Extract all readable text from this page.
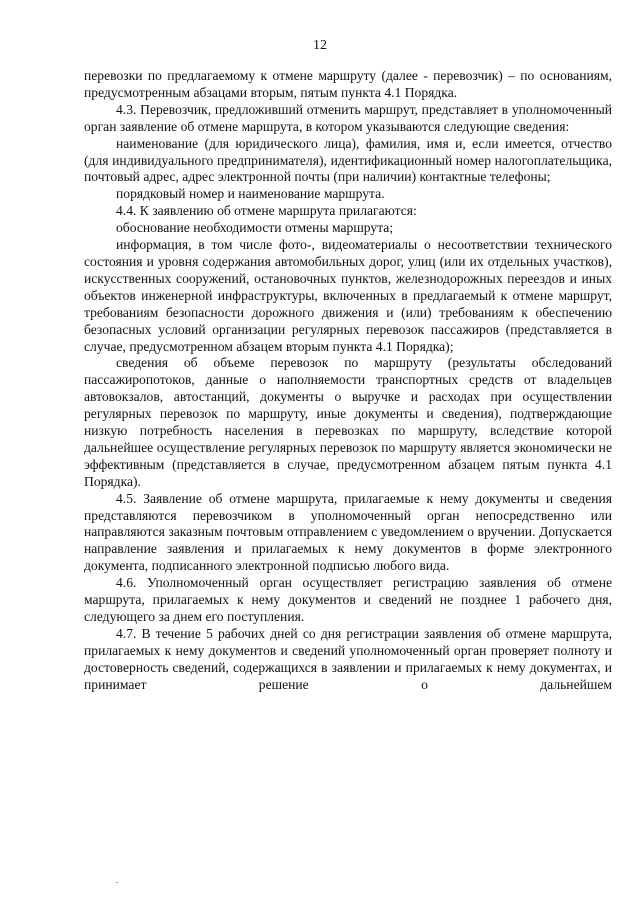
12

перевозки по предлагаемому к отмене маршруту (далее - перевозчик) – по основаниям, предусмотренным абзацами вторым, пятым пункта 4.1 Порядка.

4.3. Перевозчик, предложивший отменить маршрут, представляет в уполномоченный орган заявление об отмене маршрута, в котором указываются следующие сведения:

наименование (для юридического лица), фамилия, имя и, если имеется, отчество (для индивидуального предпринимателя), идентификационный номер налогоплательщика, почтовый адрес, адрес электронной почты (при наличии) контактные телефоны;

порядковый номер и наименование маршрута.

4.4. К заявлению об отмене маршрута прилагаются:

обоснование необходимости отмены маршрута;

информация, в том числе фото-, видеоматериалы о несоответствии технического состояния и уровня содержания автомобильных дорог, улиц (или их отдельных участков), искусственных сооружений, остановочных пунктов, железнодорожных переездов и иных объектов инженерной инфраструктуры, включенных в предлагаемый к отмене маршрут, требованиям безопасности дорожного движения и (или) требованиям к обеспечению безопасных условий организации регулярных перевозок пассажиров (представляется в случае, предусмотренном абзацем вторым пункта 4.1 Порядка);

сведения об объеме перевозок по маршруту (результаты обследований пассажиропотоков, данные о наполняемости транспортных средств от владельцев автовокзалов, автостанций, документы о выручке и расходах при осуществлении регулярных перевозок по маршруту, иные документы и сведения), подтверждающие низкую потребность населения в перевозках по маршруту, вследствие которой дальнейшее осуществление регулярных перевозок по маршруту является экономически не эффективным (представляется в случае, предусмотренном абзацем пятым пункта 4.1 Порядка).

4.5. Заявление об отмене маршрута, прилагаемые к нему документы и сведения представляются перевозчиком в уполномоченный орган непосредственно или направляются заказным почтовым отправлением с уведомлением о вручении. Допускается направление заявления и прилагаемых к нему документов в форме электронного документа, подписанного электронной подписью любого вида.

4.6. Уполномоченный орган осуществляет регистрацию заявления об отмене маршрута, прилагаемых к нему документов и сведений не позднее 1 рабочего дня, следующего за днем его поступления.

4.7. В течение 5 рабочих дней со дня регистрации заявления об отмене маршрута, прилагаемых к нему документов и сведений уполномоченный орган проверяет полноту и достоверность сведений, содержащихся в заявлении и прилагаемых к нему документах, и принимает решение о дальнейшем
